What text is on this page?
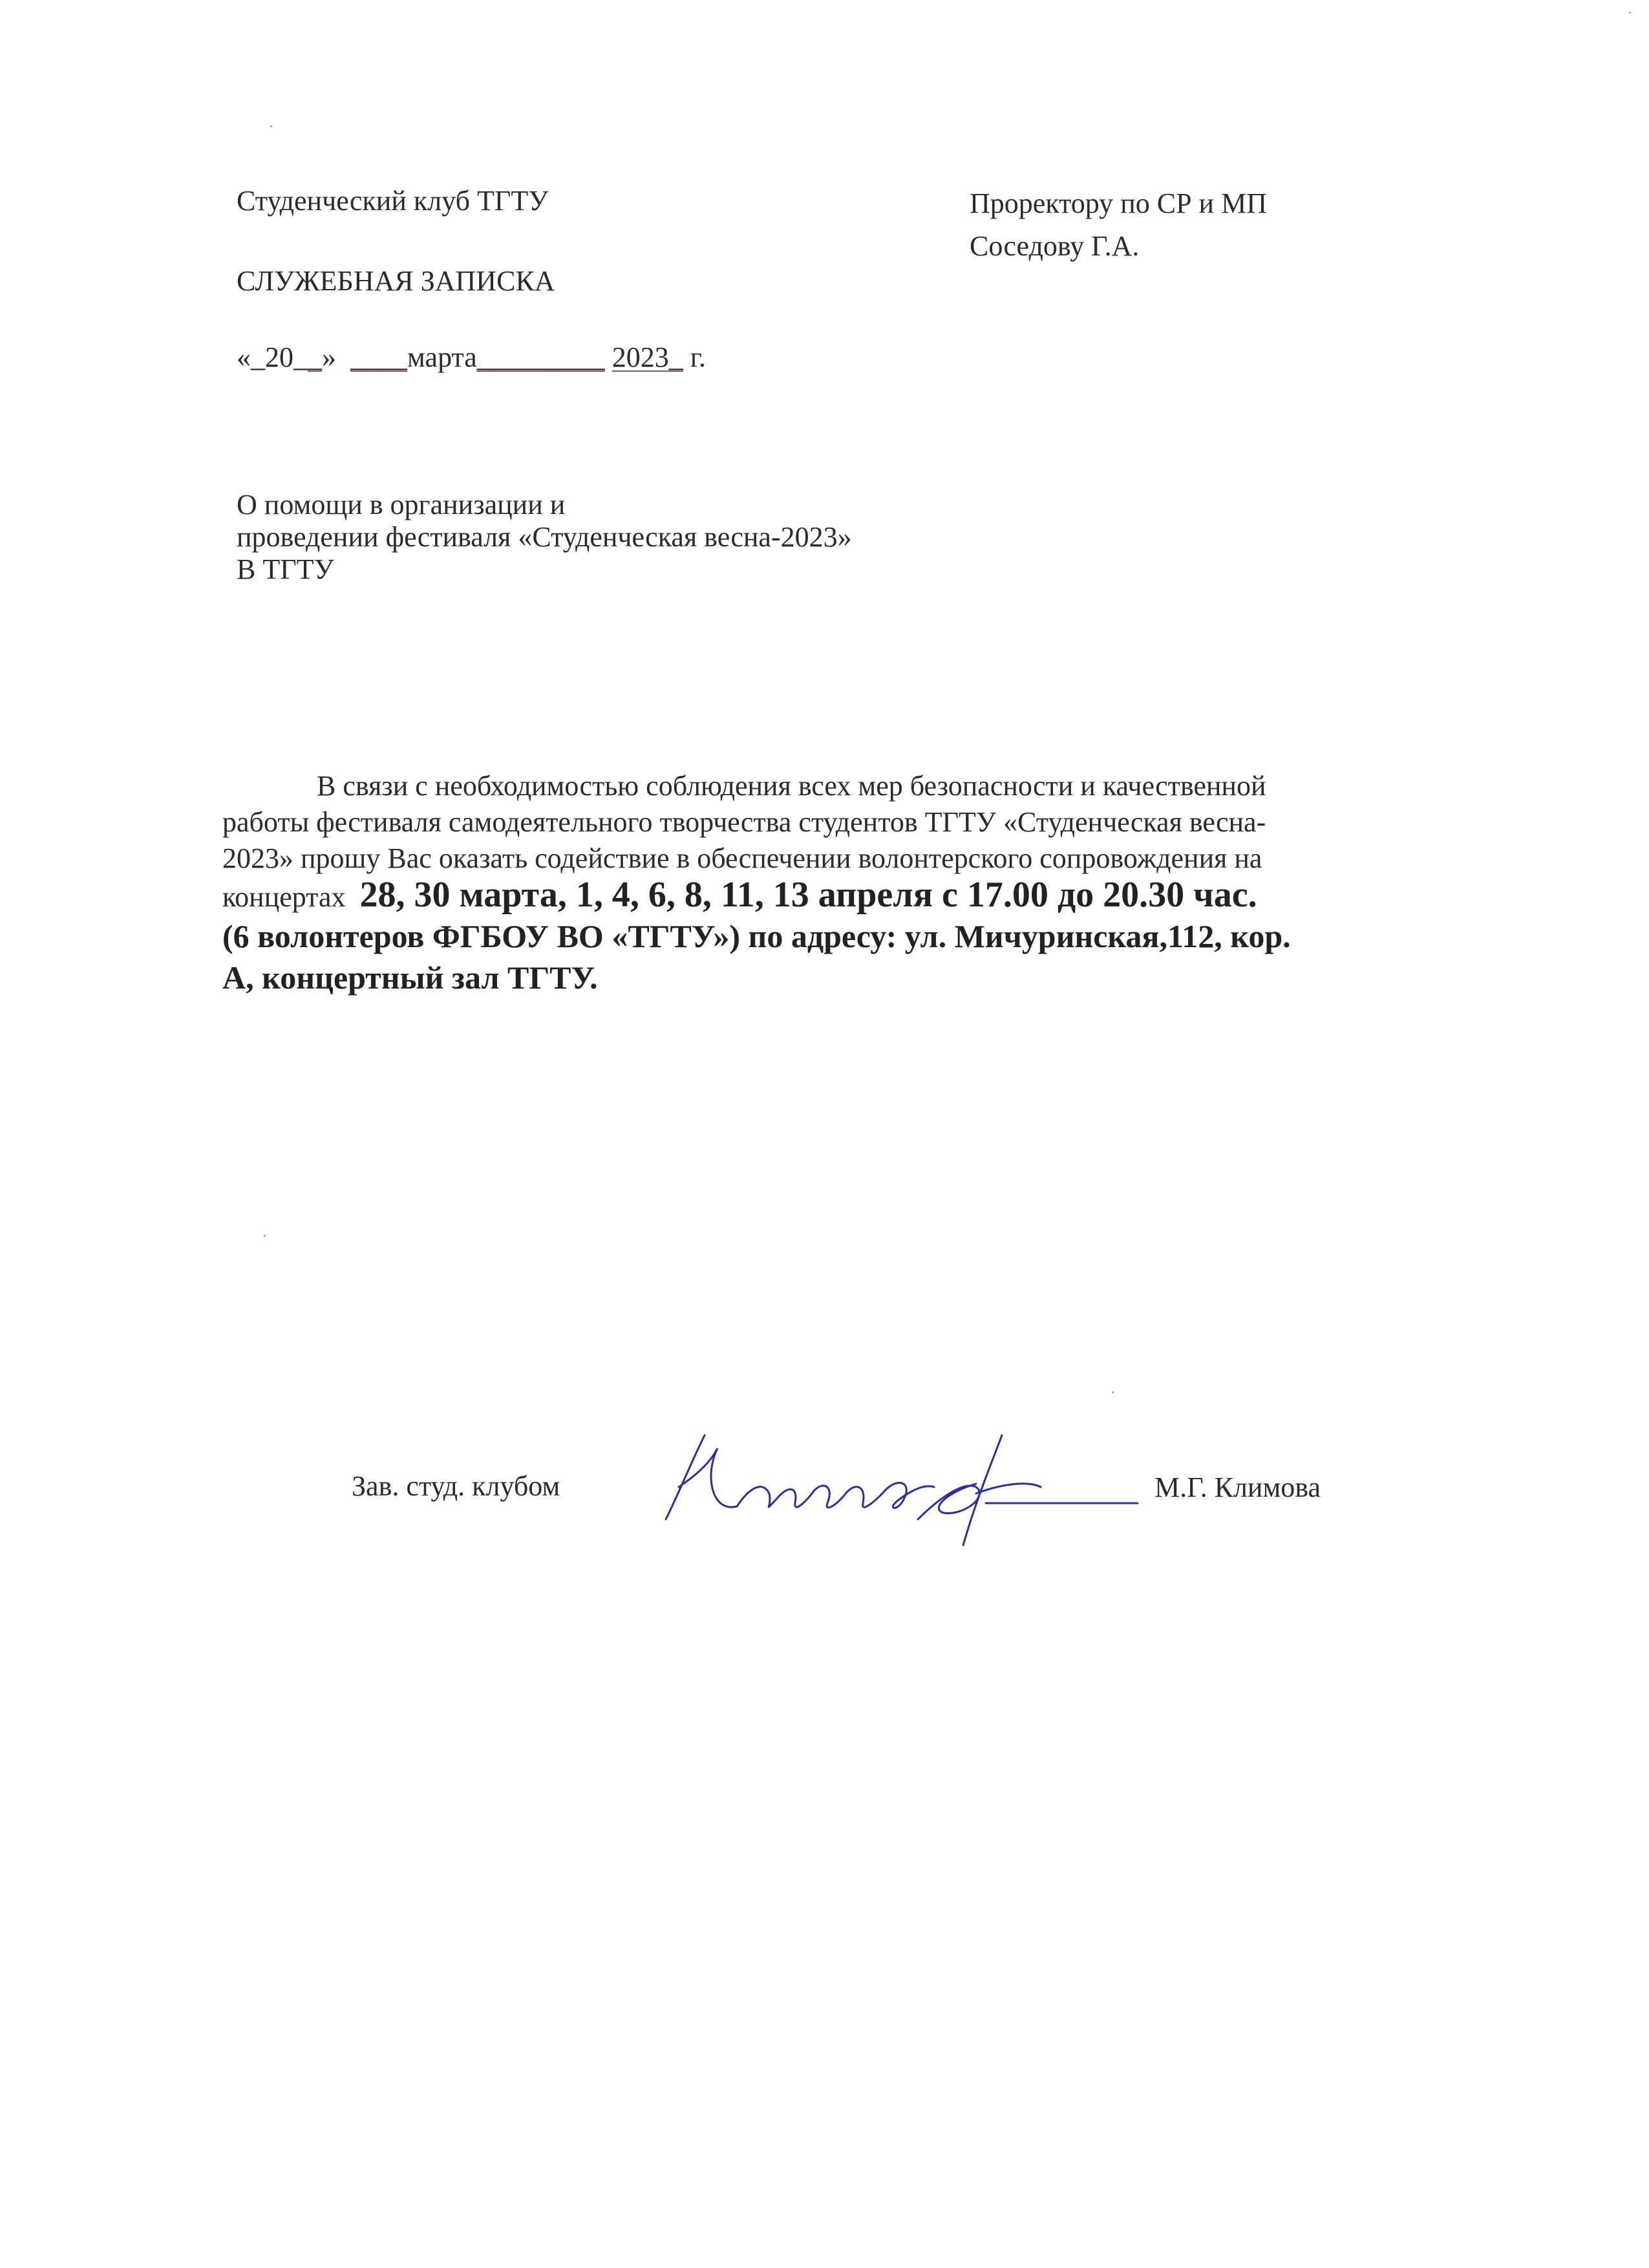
Студенческий клуб ТГТУ	Проректору по СР и МП
Соседову Г.А.
СЛУЖЕБНАЯ ЗАПИСКА
«_20__» ____марта_________ 2023_ г.
О помощи в организации и
проведении фестиваля «Студенческая весна-2023»
В ТГТУ
В связи с необходимостью соблюдения всех мер безопасности и качественной
работы фестиваля самодеятельного творчества студентов ТГТУ «Студенческая весна-
2023» прошу Вас оказать содействие в обеспечении волонтерского сопровождения на
концертах 28, 30 марта, 1, 4, 6, 8, 11, 13 апреля с 17.00 до 20.30 час.
(6 волонтеров ФГБОУ ВО «ТГТУ») по адресу: ул. Мичуринская,112, кор.
А, концертный зал ТГТУ.
Зав. студ. клубом	М.Г. Климова
